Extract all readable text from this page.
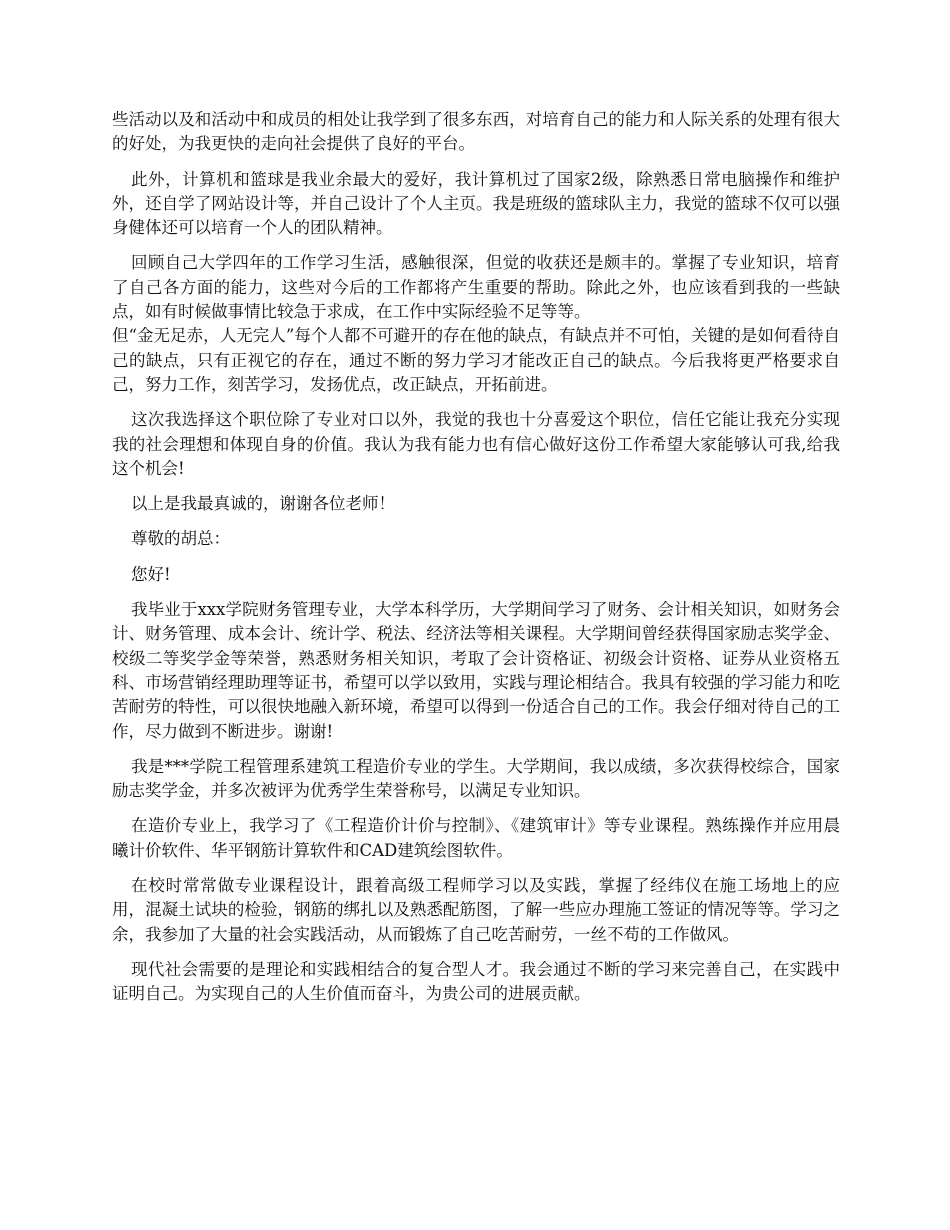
些活动以及和活动中和成员的相处让我学到了很多东西，对培育自己的能力和人际关系的处理有很大的好处，为我更快的走向社会提供了良好的平台。

此外，计算机和篮球是我业余最大的爱好，我计算机过了国家2级，除熟悉日常电脑操作和维护外，还自学了网站设计等，并自己设计了个人主页。我是班级的篮球队主力，我觉的篮球不仅可以强身健体还可以培育一个人的团队精神。

回顾自己大学四年的工作学习生活，感触很深，但觉的收获还是颇丰的。掌握了专业知识，培育了自己各方面的能力，这些对今后的工作都将产生重要的帮助。除此之外，也应该看到我的一些缺点，如有时候做事情比较急于求成，在工作中实际经验不足等等。

但“金无足赤，人无完人”每个人都不可避开的存在他的缺点，有缺点并不可怕，关键的是如何看待自己的缺点，只有正视它的存在，通过不断的努力学习才能改正自己的缺点。今后我将更严格要求自己，努力工作，刻苦学习，发扬优点，改正缺点，开拓前进。

这次我选择这个职位除了专业对口以外，我觉的我也十分喜爱这个职位，信任它能让我充分实现我的社会理想和体现自身的价值。我认为我有能力也有信心做好这份工作希望大家能够认可我,给我这个机会!

以上是我最真诚的，谢谢各位老师！

尊敬的胡总：

您好!

我毕业于xxx学院财务管理专业，大学本科学历，大学期间学习了财务、会计相关知识，如财务会计、财务管理、成本会计、统计学、税法、经济法等相关课程。大学期间曾经获得国家励志奖学金、校级二等奖学金等荣誉，熟悉财务相关知识，考取了会计资格证、初级会计资格、证券从业资格五科、市场营销经理助理等证书，希望可以学以致用，实践与理论相结合。我具有较强的学习能力和吃苦耐劳的特性，可以很快地融入新环境，希望可以得到一份适合自己的工作。我会仔细对待自己的工作，尽力做到不断进步。谢谢!

我是***学院工程管理系建筑工程造价专业的学生。大学期间，我以成绩，多次获得校综合，国家励志奖学金，并多次被评为优秀学生荣誉称号，以满足专业知识。

在造价专业上，我学习了《工程造价计价与控制》、《建筑审计》等专业课程。熟练操作并应用晨曦计价软件、华平钢筋计算软件和CAD建筑绘图软件。

在校时常常做专业课程设计，跟着高级工程师学习以及实践，掌握了经纬仪在施工场地上的应用，混凝土试块的检验，钢筋的绑扎以及熟悉配筋图，了解一些应办理施工签证的情况等等。学习之余，我参加了大量的社会实践活动，从而锻炼了自己吃苦耐劳，一丝不苟的工作做风。

现代社会需要的是理论和实践相结合的复合型人才。我会通过不断的学习来完善自己，在实践中证明自己。为实现自己的人生价值而奋斗，为贵公司的进展贡献。
